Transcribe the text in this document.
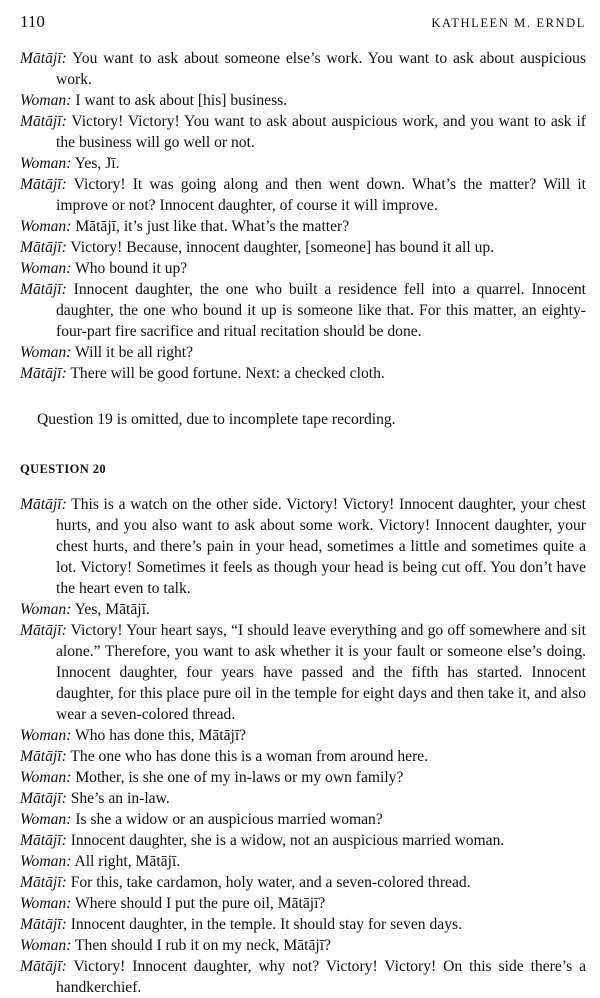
110	KATHLEEN M. ERNDL
Mātājī: You want to ask about someone else’s work. You want to ask about auspicious work.
Woman: I want to ask about [his] business.
Mātājī: Victory! Victory! You want to ask about auspicious work, and you want to ask if the business will go well or not.
Woman: Yes, Jī.
Mātājī: Victory! It was going along and then went down. What’s the matter? Will it improve or not? Innocent daughter, of course it will improve.
Woman: Mātājī, it’s just like that. What’s the matter?
Mātājī: Victory! Because, innocent daughter, [someone] has bound it all up.
Woman: Who bound it up?
Mātājī: Innocent daughter, the one who built a residence fell into a quarrel. Innocent daughter, the one who bound it up is someone like that. For this matter, an eighty-four-part fire sacrifice and ritual recitation should be done.
Woman: Will it be all right?
Mātājī: There will be good fortune. Next: a checked cloth.
Question 19 is omitted, due to incomplete tape recording.
QUESTION 20
Mātājī: This is a watch on the other side. Victory! Victory! Innocent daughter, your chest hurts, and you also want to ask about some work. Victory! Innocent daughter, your chest hurts, and there’s pain in your head, sometimes a little and sometimes quite a lot. Victory! Sometimes it feels as though your head is being cut off. You don’t have the heart even to talk.
Woman: Yes, Mātājī.
Mātājī: Victory! Your heart says, “I should leave everything and go off somewhere and sit alone.” Therefore, you want to ask whether it is your fault or someone else’s doing. Innocent daughter, four years have passed and the fifth has started. Innocent daughter, for this place pure oil in the temple for eight days and then take it, and also wear a seven-colored thread.
Woman: Who has done this, Mātājī?
Mātājī: The one who has done this is a woman from around here.
Woman: Mother, is she one of my in-laws or my own family?
Mātājī: She’s an in-law.
Woman: Is she a widow or an auspicious married woman?
Mātājī: Innocent daughter, she is a widow, not an auspicious married woman.
Woman: All right, Mātājī.
Mātājī: For this, take cardamon, holy water, and a seven-colored thread.
Woman: Where should I put the pure oil, Mātājī?
Mātājī: Innocent daughter, in the temple. It should stay for seven days.
Woman: Then should I rub it on my neck, Mātājī?
Mātājī: Victory! Innocent daughter, why not? Victory! Victory! On this side there’s a handkerchief.
